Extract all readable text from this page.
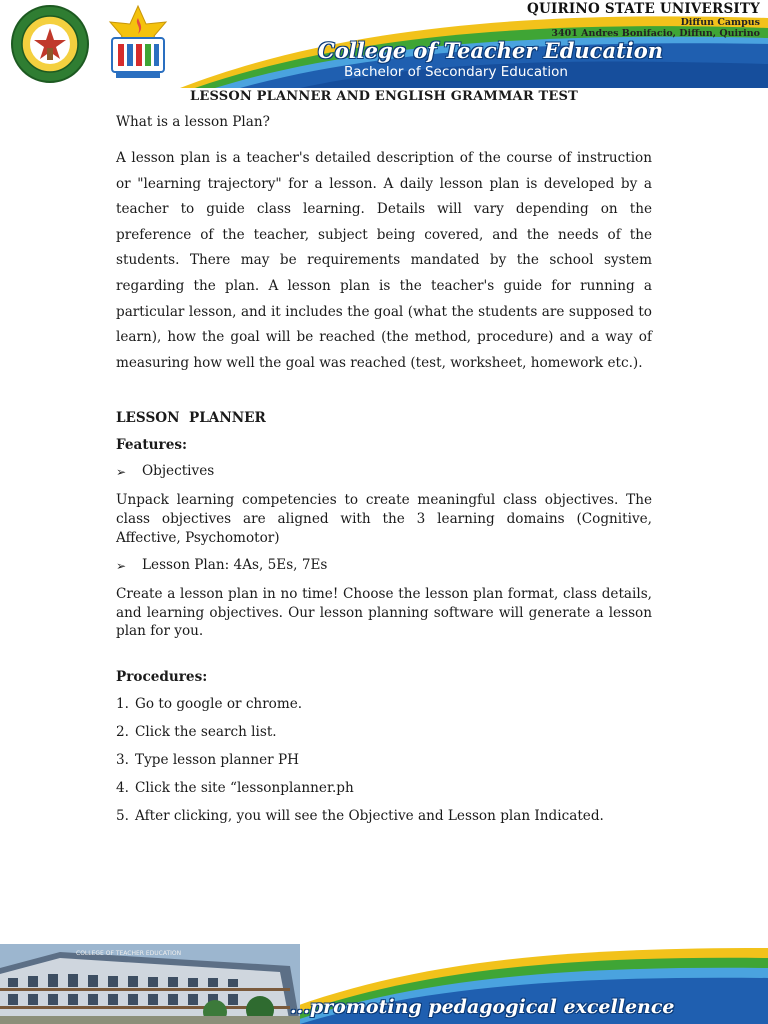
QUIRINO STATE UNIVERSITY
Diffun Campus
3401 Andres Bonifacio, Diffun, Quirino
College of Teacher Education
Bachelor of Secondary Education
LESSON PLANNER AND ENGLISH GRAMMAR TEST
What is a lesson Plan?
A lesson plan is a teacher's detailed description of the course of instruction or "learning trajectory" for a lesson. A daily lesson plan is developed by a teacher to guide class learning. Details will vary depending on the preference of the teacher, subject being covered, and the needs of the students. There may be requirements mandated by the school system regarding the plan. A lesson plan is the teacher's guide for running a particular lesson, and it includes the goal (what the students are supposed to learn), how the goal will be reached (the method, procedure) and a way of measuring how well the goal was reached (test, worksheet, homework etc.).
LESSON  PLANNER
Features:
➢	Objectives
Unpack learning competencies to create meaningful class objectives. The class objectives are aligned with the 3 learning domains (Cognitive, Affective, Psychomotor)
➢	Lesson Plan: 4As, 5Es, 7Es
Create a lesson plan in no time! Choose the lesson plan format, class details, and learning objectives. Our lesson planning software will generate a lesson plan for you.
Procedures:
1. Go to google or chrome.
2. Click the search list.
3. Type lesson planner PH
4. Click the site “lessonplanner.ph
5. After clicking, you will see the Objective and Lesson plan Indicated.
COLLEGE OF TEACHER EDUCATION
...promoting pedagogical excellence
